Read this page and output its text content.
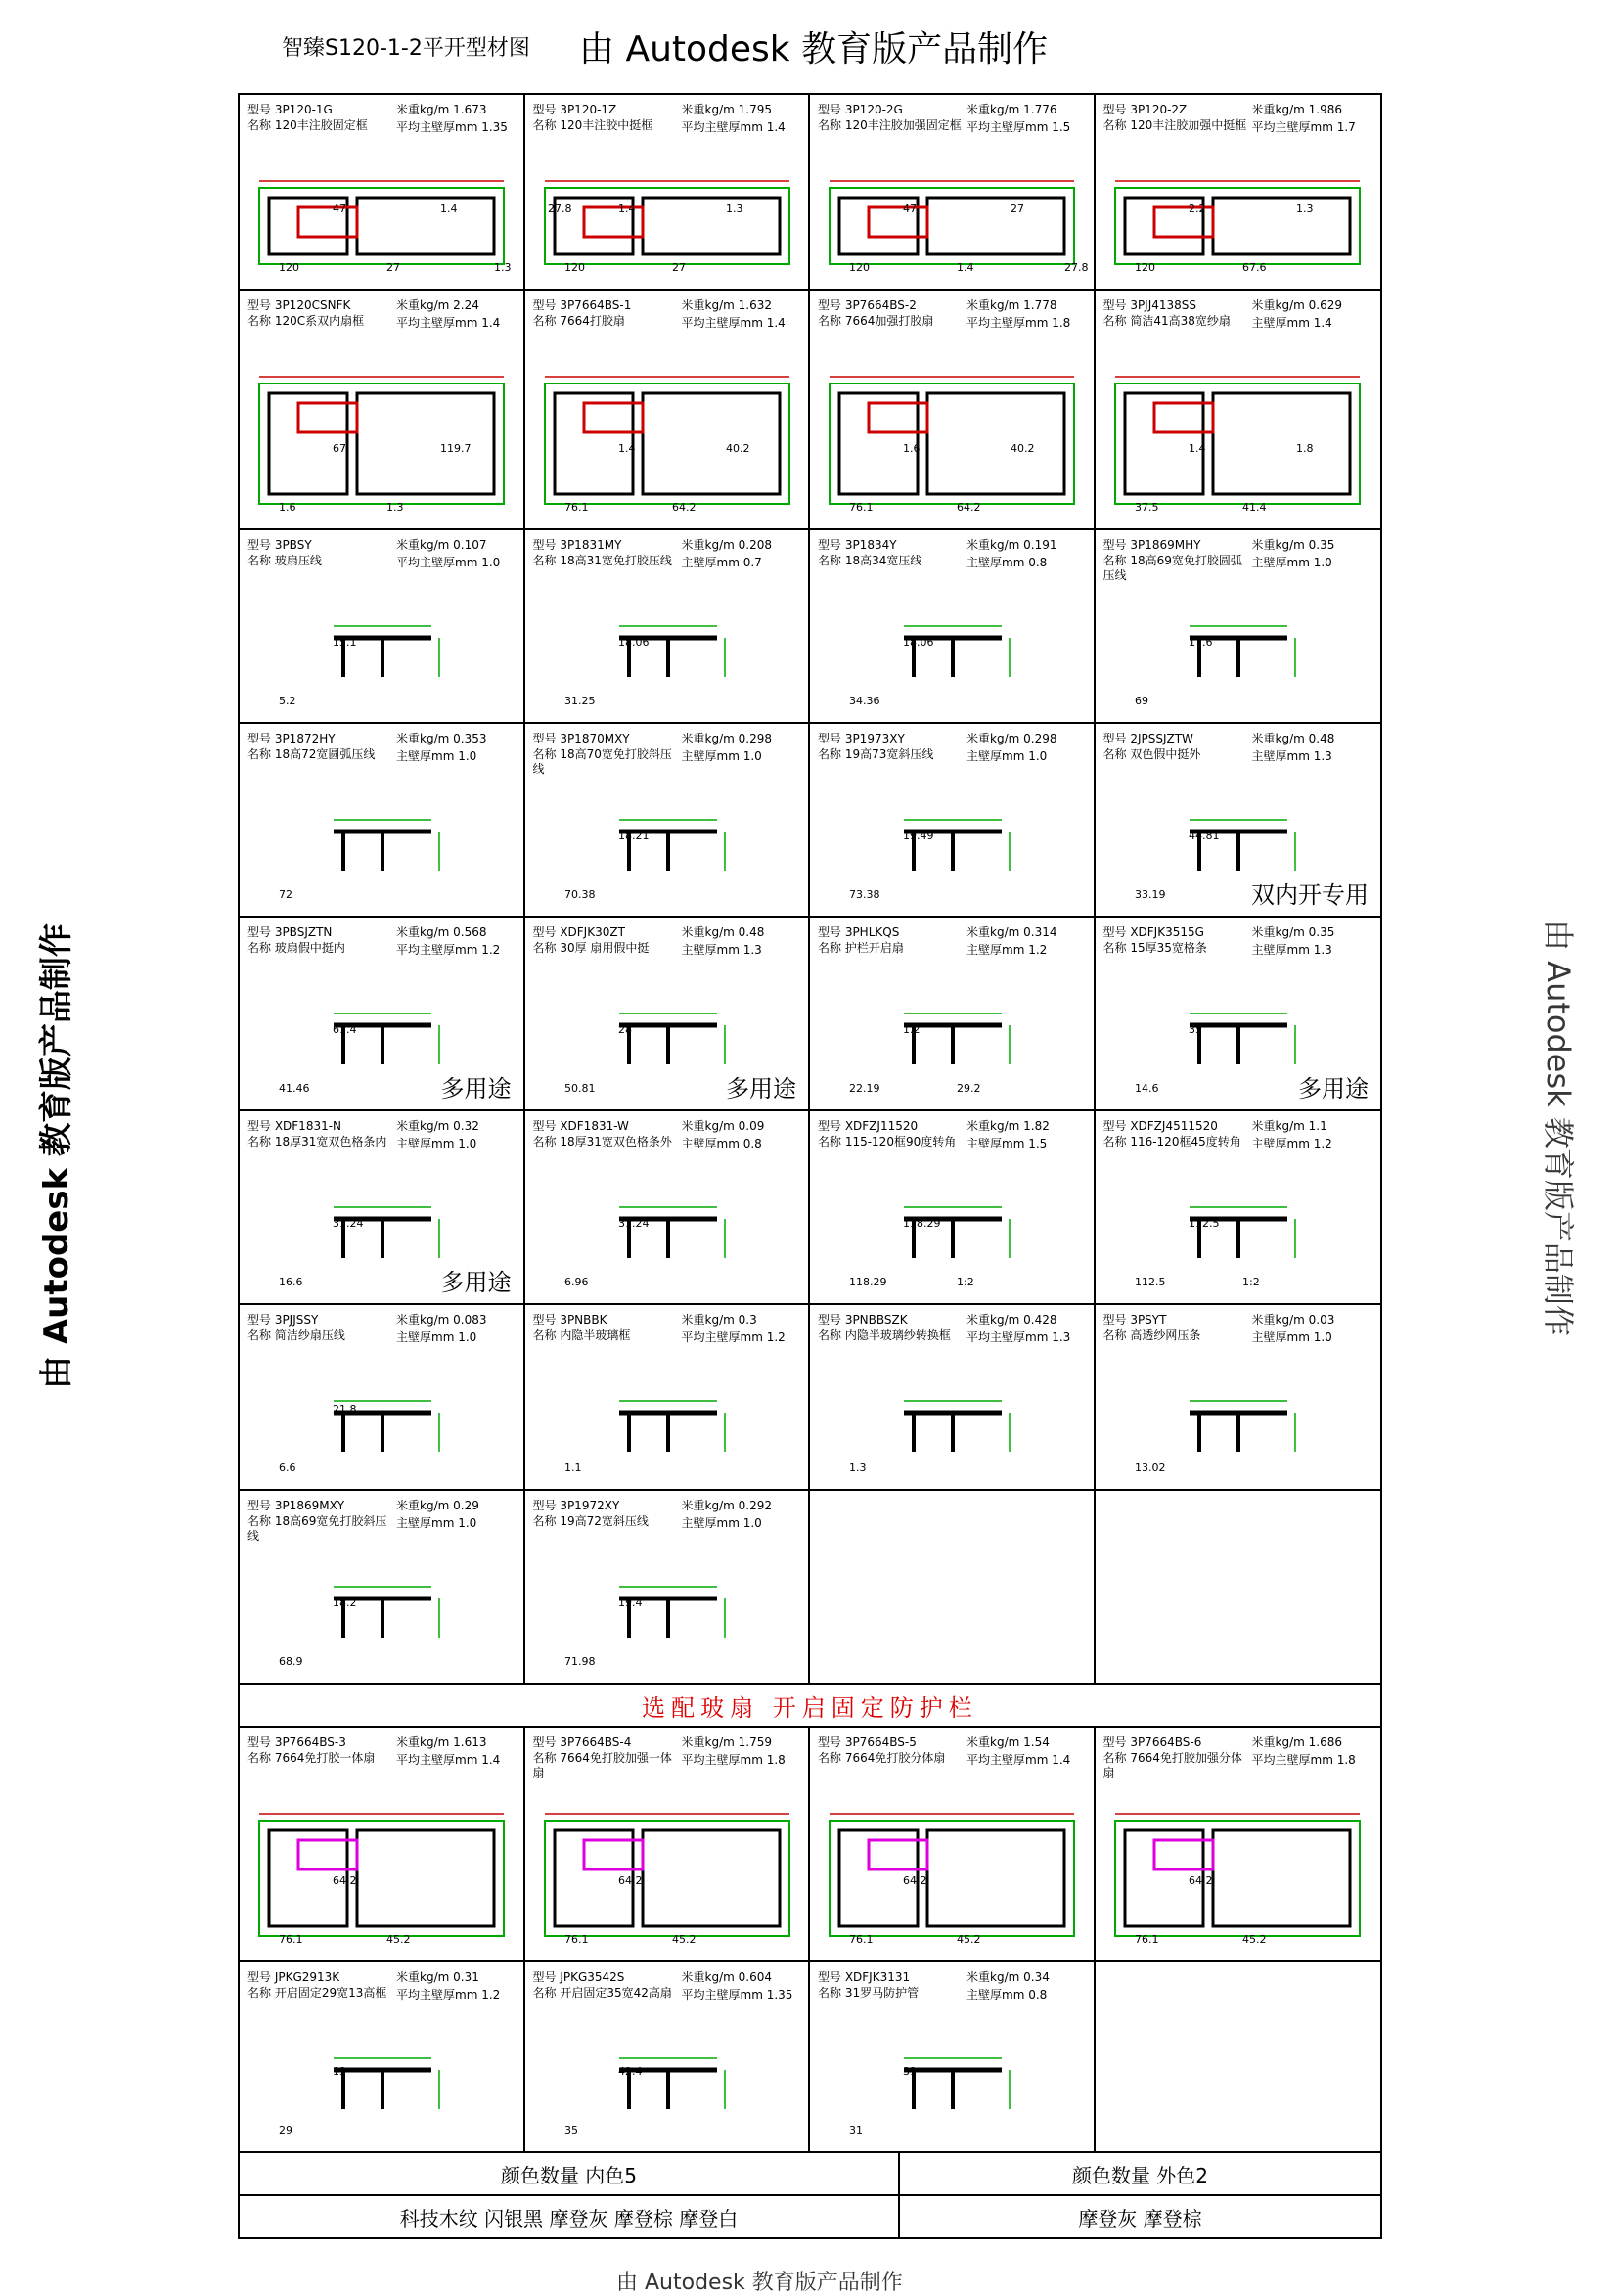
智臻S120-1-2平开型材图 由 Autodesk 教育版产品制作
由 Autodesk 教育版产品制作	由 Autodesk 教育版产品制作
型号 3P120-1G
名称 120丰注胶固定框
米重kg/m 1.673
平均主壁厚mm 1.35
120
47
27
1.4
1.3
27.8
型号 3P120-1Z
名称 120丰注胶中挺框
米重kg/m 1.795
平均主壁厚mm 1.4
120
1.4
27
1.3
型号 3P120-2G
名称 120丰注胶加强固定框
米重kg/m 1.776
平均主壁厚mm 1.5
120
47
1.4
27
27.8
型号 3P120-2Z
名称 120丰注胶加强中挺框
米重kg/m 1.986
平均主壁厚mm 1.7
120
2.2
67.6
1.3
型号 3P120CSNFK
名称 120C系双内扇框
米重kg/m 2.24
平均主壁厚mm 1.4
1.6
67
1.3
119.7
型号 3P7664BS-1
名称 7664打胶扇
米重kg/m 1.632
平均主壁厚mm 1.4
76.1
1.4
64.2
40.2
型号 3P7664BS-2
名称 7664加强打胶扇
米重kg/m 1.778
平均主壁厚mm 1.8
76.1
1.6
64.2
40.2
型号 3PJJ4138SS
名称 简洁41高38宽纱扇
米重kg/m 0.629
主壁厚mm 1.4
37.5
1.4
41.4
1.8
型号 3PBSY
名称 玻扇压线
米重kg/m 0.107
平均主壁厚mm 1.0
5.2
15.1
型号 3P1831MY
名称 18高31宽免打胶压线
米重kg/m 0.208
主壁厚mm 0.7
31.25
18.06
型号 3P1834Y
名称 18高34宽压线
米重kg/m 0.191
主壁厚mm 0.8
34.36
18.06
型号 3P1869MHY
名称 18高69宽免打胶圆弧压线
米重kg/m 0.35
主壁厚mm 1.0
69
17.6
型号 3P1872HY
名称 18高72宽圆弧压线
米重kg/m 0.353
主壁厚mm 1.0
72
型号 3P1870MXY
名称 18高70宽免打胶斜压线
米重kg/m 0.298
主壁厚mm 1.0
70.38
18.21
型号 3P1973XY
名称 19高73宽斜压线
米重kg/m 0.298
主壁厚mm 1.0
73.38
19.49
型号 2JPSSJZTW
名称 双色假中挺外
米重kg/m 0.48
主壁厚mm 1.3
33.19
44.81
双内开专用
型号 3PBSJZTN
名称 玻扇假中挺内
米重kg/m 0.568
平均主壁厚mm 1.2
41.46
61.4
多用途
型号 XDFJK30ZT
名称 30厚 扇用假中挺
米重kg/m 0.48
主壁厚mm 1.3
50.81
28
多用途
型号 3PHLKQS
名称 护栏开启扇
米重kg/m 0.314
主壁厚mm 1.2
22.19
1.2
29.2
型号 XDFJK3515G
名称 15厚35宽格条
米重kg/m 0.35
主壁厚mm 1.3
14.6
35
多用途
型号 XDF1831-N
名称 18厚31宽双色格条内
米重kg/m 0.32
主壁厚mm 1.0
16.6
31.24
多用途
型号 XDF1831-W
名称 18厚31宽双色格条外
米重kg/m 0.09
主壁厚mm 0.8
6.96
31.24
型号 XDFZJ11520
名称 115-120框90度转角
米重kg/m 1.82
主壁厚mm 1.5
118.29
118.29
1:2
型号 XDFZJ4511520
名称 116-120框45度转角
米重kg/m 1.1
主壁厚mm 1.2
112.5
112.5
1:2
型号 3PJJSSY
名称 简洁纱扇压线
米重kg/m 0.083
主壁厚mm 1.0
6.6
21.8
型号 3PNBBK
名称 内隐半玻璃框
米重kg/m 0.3
平均主壁厚mm 1.2
1.1
型号 3PNBBSZK
名称 内隐半玻璃纱转换框
米重kg/m 0.428
平均主壁厚mm 1.3
1.3
型号 3PSYT
名称 高透纱网压条
米重kg/m 0.03
主壁厚mm 1.0
13.02
型号 3P1869MXY
名称 18高69宽免打胶斜压线
米重kg/m 0.29
主壁厚mm 1.0
68.9
18.2
型号 3P1972XY
名称 19高72宽斜压线
米重kg/m 0.292
主壁厚mm 1.0
71.98
19.4
选配玻扇 开启固定防护栏
型号 3P7664BS-3
名称 7664免打胶一体扇
米重kg/m 1.613
平均主壁厚mm 1.4
76.1
64.2
45.2
型号 3P7664BS-4
名称 7664免打胶加强一体扇
米重kg/m 1.759
平均主壁厚mm 1.8
76.1
64.2
45.2
型号 3P7664BS-5
名称 7664免打胶分体扇
米重kg/m 1.54
平均主壁厚mm 1.4
76.1
64.2
45.2
型号 3P7664BS-6
名称 7664免打胶加强分体扇
米重kg/m 1.686
平均主壁厚mm 1.8
76.1
64.2
45.2
型号 JPKG2913K
名称 开启固定29宽13高框
米重kg/m 0.31
平均主壁厚mm 1.2
29
13
型号 JPKG3542S
名称 开启固定35宽42高扇
米重kg/m 0.604
平均主壁厚mm 1.35
35
42.4
型号 XDFJK3131
名称 31罗马防护管
米重kg/m 0.34
主壁厚mm 0.8
31
31
颜色数量 内色5	颜色数量 外色2
科技木纹 闪银黑 摩登灰 摩登棕 摩登白	摩登灰 摩登棕
由 Autodesk 教育版产品制作
